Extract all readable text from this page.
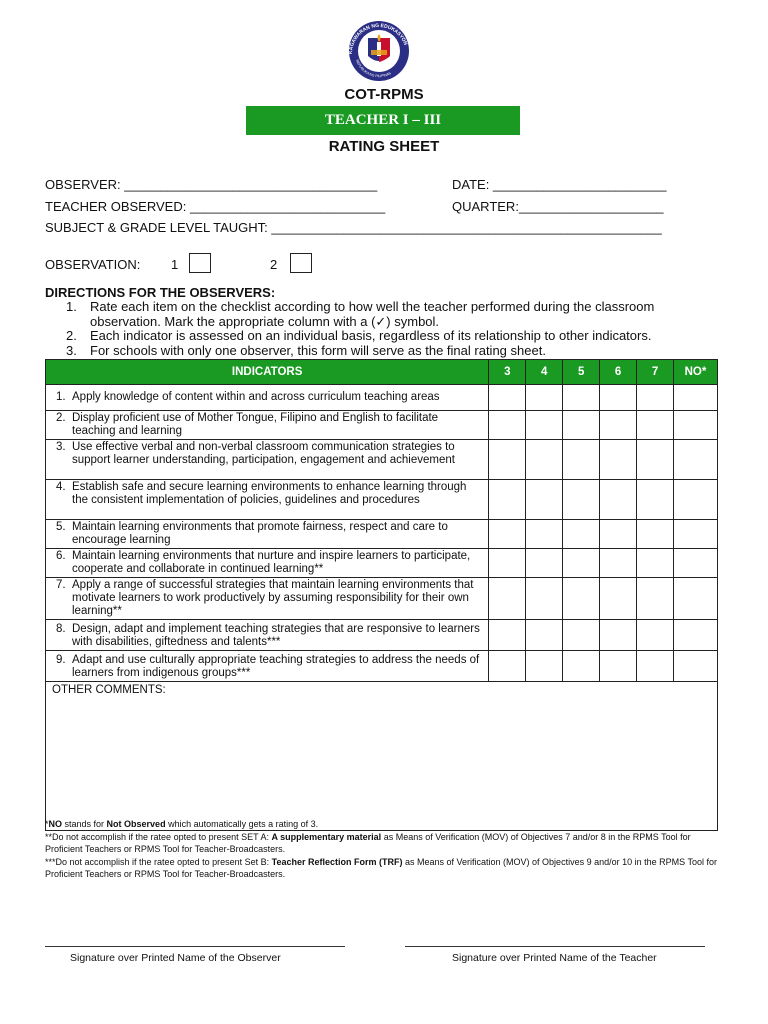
KAGAWARAN NG EDUKASYON
REPUBLIKA NG PILIPINAS
COT-RPMS
TEACHER I – III
RATING SHEET
OBSERVER: ___________________________________	DATE: ________________________
TEACHER OBSERVED: ___________________________	QUARTER:____________________
SUBJECT & GRADE LEVEL TAUGHT: ______________________________________________________
OBSERVATION: 1	2
DIRECTIONS FOR THE OBSERVERS:
1. Rate each item on the checklist according to how well the teacher performed during the classroom observation. Mark the appropriate column with a (✓) symbol.
2. Each indicator is assessed on an individual basis, regardless of its relationship to other indicators.
3. For schools with only one observer, this form will serve as the final rating sheet.
INDICATORS	3	4	5	6	7	NO*

1. Apply knowledge of content within and across curriculum teaching areas						

2. Display proficient use of Mother Tongue, Filipino and English to facilitate teaching and learning						

3. Use effective verbal and non-verbal classroom communication strategies to support learner understanding, participation, engagement and achievement						

4. Establish safe and secure learning environments to enhance learning through the consistent implementation of policies, guidelines and procedures						

5. Maintain learning environments that promote fairness, respect and care to encourage learning						

6. Maintain learning environments that nurture and inspire learners to participate, cooperate and collaborate in continued learning**						

7. Apply a range of successful strategies that maintain learning environments that motivate learners to work productively by assuming responsibility for their own learning**						

8. Design, adapt and implement teaching strategies that are responsive to learners with disabilities, giftedness and talents***						

9. Adapt and use culturally appropriate teaching strategies to address the needs of learners from indigenous groups***						
OTHER COMMENTS:						
*NO stands for Not Observed which automatically gets a rating of 3.
**Do not accomplish if the ratee opted to present SET A: A supplementary material as Means of Verification (MOV) of Objectives 7 and/or 8 in the RPMS Tool for Proficient Teachers or RPMS Tool for Teacher-Broadcasters.
***Do not accomplish if the ratee opted to present Set B: Teacher Reflection Form (TRF) as Means of Verification (MOV) of Objectives 9 and/or 10 in the RPMS Tool for Proficient Teachers or RPMS Tool for Teacher-Broadcasters.
Signature over Printed Name of the Observer	Signature over Printed Name of the Teacher
